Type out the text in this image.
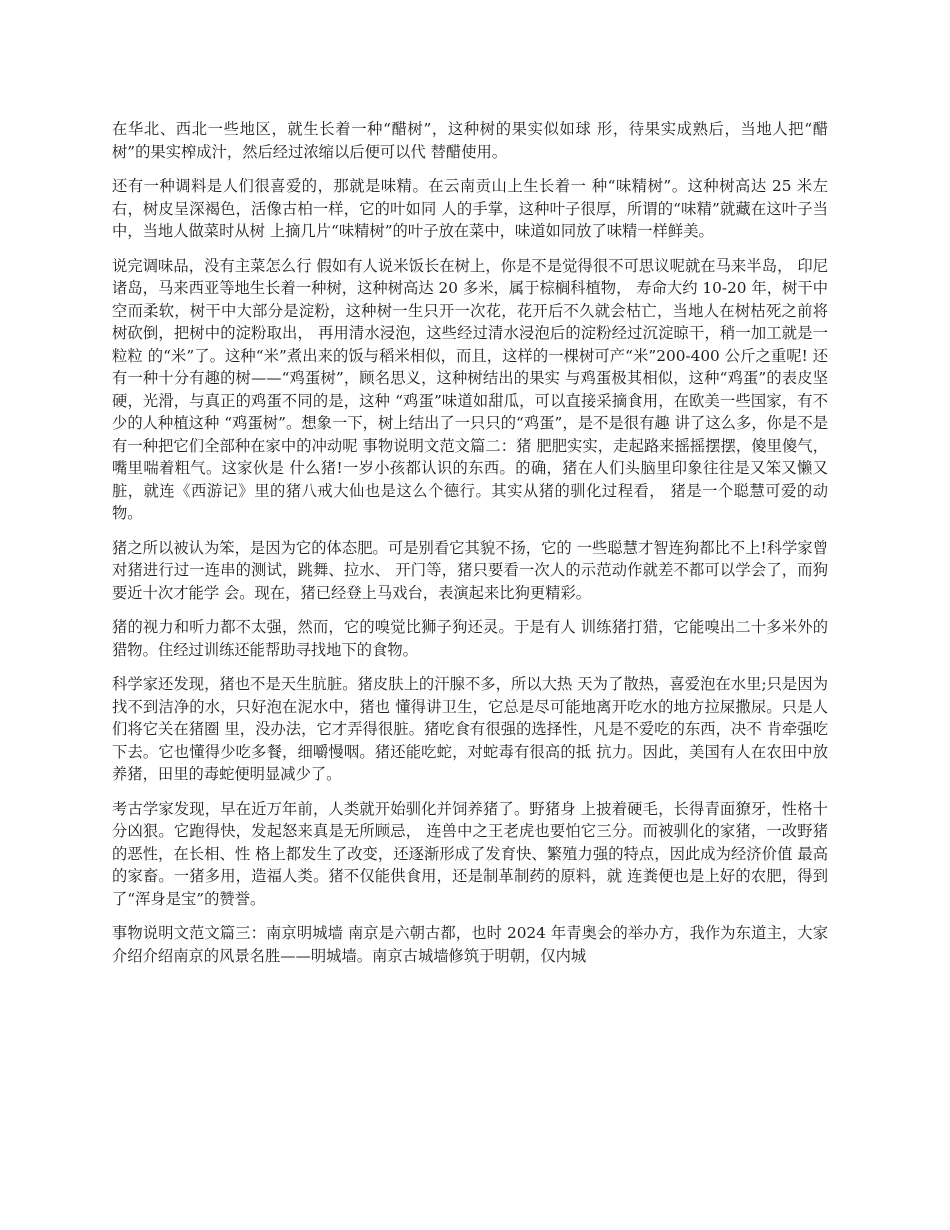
在华北、西北一些地区，就生长着一种“醋树”，这种树的果实似如球 形，待果实成熟后，当地人把“醋树”的果实榨成汁，然后经过浓缩以后便可以代 替醋使用。

还有一种调料是人们很喜爱的，那就是味精。在云南贡山上生长着一 种“味精树”。这种树高达 25 米左右，树皮呈深褐色，活像古柏一样，它的叶如同 人的手掌，这种叶子很厚，所谓的“味精”就藏在这叶子当中，当地人做菜时从树 上摘几片“味精树”的叶子放在菜中，味道如同放了味精一样鲜美。

说完调味品，没有主菜怎么行 假如有人说米饭长在树上，你是不是觉得很不可思议呢就在马来半岛， 印尼诸岛，马来西亚等地生长着一种树，这种树高达 20 多米，属于棕榈科植物， 寿命大约 10-20 年，树干中空而柔软，树干中大部分是淀粉，这种树一生只开一次花，花开后不久就会枯亡，当地人在树枯死之前将树砍倒，把树中的淀粉取出， 再用清水浸泡，这些经过清水浸泡后的淀粉经过沉淀晾干，稍一加工就是一粒粒 的“米”了。这种“米”煮出来的饭与稻米相似，而且，这样的一棵树可产“米”200-400 公斤之重呢! 还有一种十分有趣的树——“鸡蛋树”，顾名思义，这种树结出的果实 与鸡蛋极其相似，这种“鸡蛋”的表皮坚硬，光滑，与真正的鸡蛋不同的是，这种 “鸡蛋”味道如甜瓜，可以直接采摘食用，在欧美一些国家，有不少的人种植这种 “鸡蛋树”。想象一下，树上结出了一只只的“鸡蛋”，是不是很有趣 讲了这么多，你是不是有一种把它们全部种在家中的冲动呢 事物说明文范文篇二：猪 肥肥实实，走起路来摇摇摆摆，傻里傻气，嘴里喘着粗气。这家伙是 什么猪!一岁小孩都认识的东西。的确，猪在人们头脑里印象往往是又笨又懒又脏，就连《西游记》里的猪八戒大仙也是这么个德行。其实从猪的驯化过程看， 猪是一个聪慧可爱的动物。

猪之所以被认为笨，是因为它的体态肥。可是别看它其貌不扬，它的 一些聪慧才智连狗都比不上!科学家曾对猪进行过一连串的测试，跳舞、拉水、 开门等，猪只要看一次人的示范动作就差不都可以学会了，而狗要近十次才能学 会。现在，猪已经登上马戏台，表演起来比狗更精彩。

猪的视力和听力都不太强，然而，它的嗅觉比狮子狗还灵。于是有人 训练猪打猎，它能嗅出二十多米外的猎物。住经过训练还能帮助寻找地下的食物。

科学家还发现，猪也不是天生肮脏。猪皮肤上的汗腺不多，所以大热 天为了散热，喜爱泡在水里;只是因为找不到洁净的水，只好泡在泥水中，猪也 懂得讲卫生，它总是尽可能地离开吃水的地方拉屎撒尿。只是人们将它关在猪圈 里，没办法，它才弄得很脏。猪吃食有很强的选择性，凡是不爱吃的东西，决不 肯牵强吃下去。它也懂得少吃多餐，细嚼慢咽。猪还能吃蛇，对蛇毒有很高的抵 抗力。因此，美国有人在农田中放养猪，田里的毒蛇便明显减少了。

考古学家发现，早在近万年前，人类就开始驯化并饲养猪了。野猪身 上披着硬毛，长得青面獠牙，性格十分凶狠。它跑得快，发起怒来真是无所顾忌， 连兽中之王老虎也要怕它三分。而被驯化的家猪，一改野猪的恶性，在长相、性 格上都发生了改变，还逐渐形成了发育快、繁殖力强的特点，因此成为经济价值 最高的家畜。一猪多用，造福人类。猪不仅能供食用，还是制革制药的原料，就 连粪便也是上好的农肥，得到了“浑身是宝”的赞誉。

事物说明文范文篇三：南京明城墙 南京是六朝古都，也时 2024 年青奥会的举办方，我作为东道主，大家 介绍介绍南京的风景名胜——明城墙。南京古城墙修筑于明朝，仅内城
